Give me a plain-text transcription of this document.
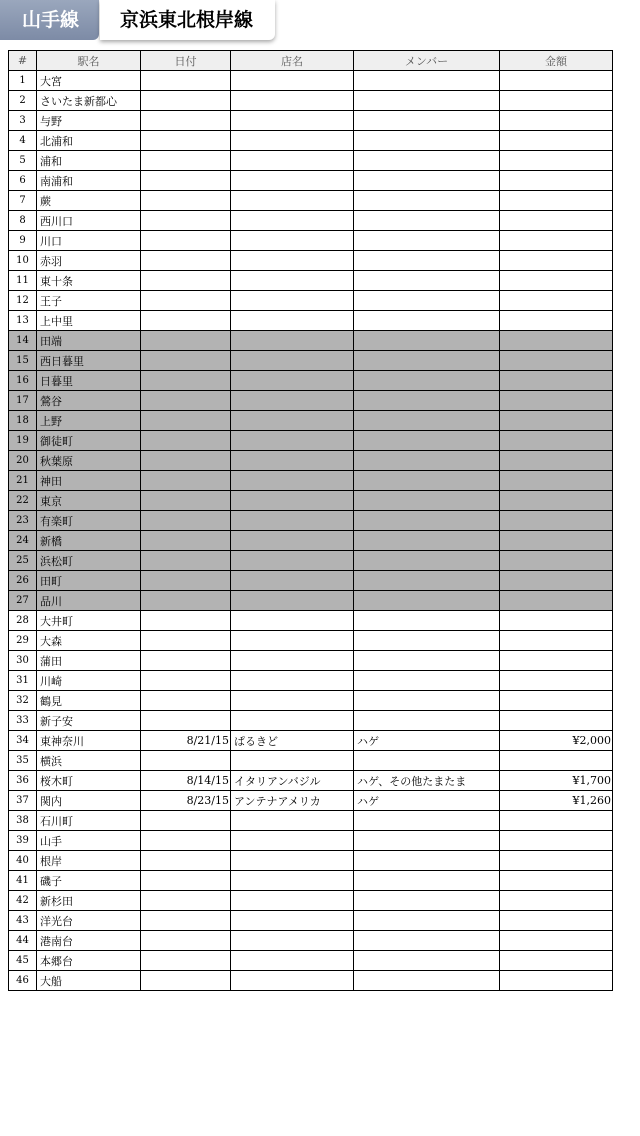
山手線	京浜東北根岸線
#	駅名	日付	店名	メンバー	金額
1	大宮				
2	さいたま新都心				
3	与野				
4	北浦和				
5	浦和				
6	南浦和				
7	蕨				
8	西川口				
9	川口				
10	赤羽				
11	東十条				
12	王子				
13	上中里				
14	田端				
15	西日暮里				
16	日暮里				
17	鶯谷				
18	上野				
19	御徒町				
20	秋葉原				
21	神田				
22	東京				
23	有楽町				
24	新橋				
25	浜松町				
26	田町				
27	品川				
28	大井町				
29	大森				
30	蒲田				
31	川崎				
32	鶴見				
33	新子安				
34	東神奈川	8/21/15	ぱるきど	ハゲ	¥2,000
35	横浜				
36	桜木町	8/14/15	イタリアンバジル	ハゲ、その他たまたま	¥1,700
37	関内	8/23/15	アンテナアメリカ	ハゲ	¥1,260
38	石川町				
39	山手				
40	根岸				
41	磯子				
42	新杉田				
43	洋光台				
44	港南台				
45	本郷台				
46	大船				
